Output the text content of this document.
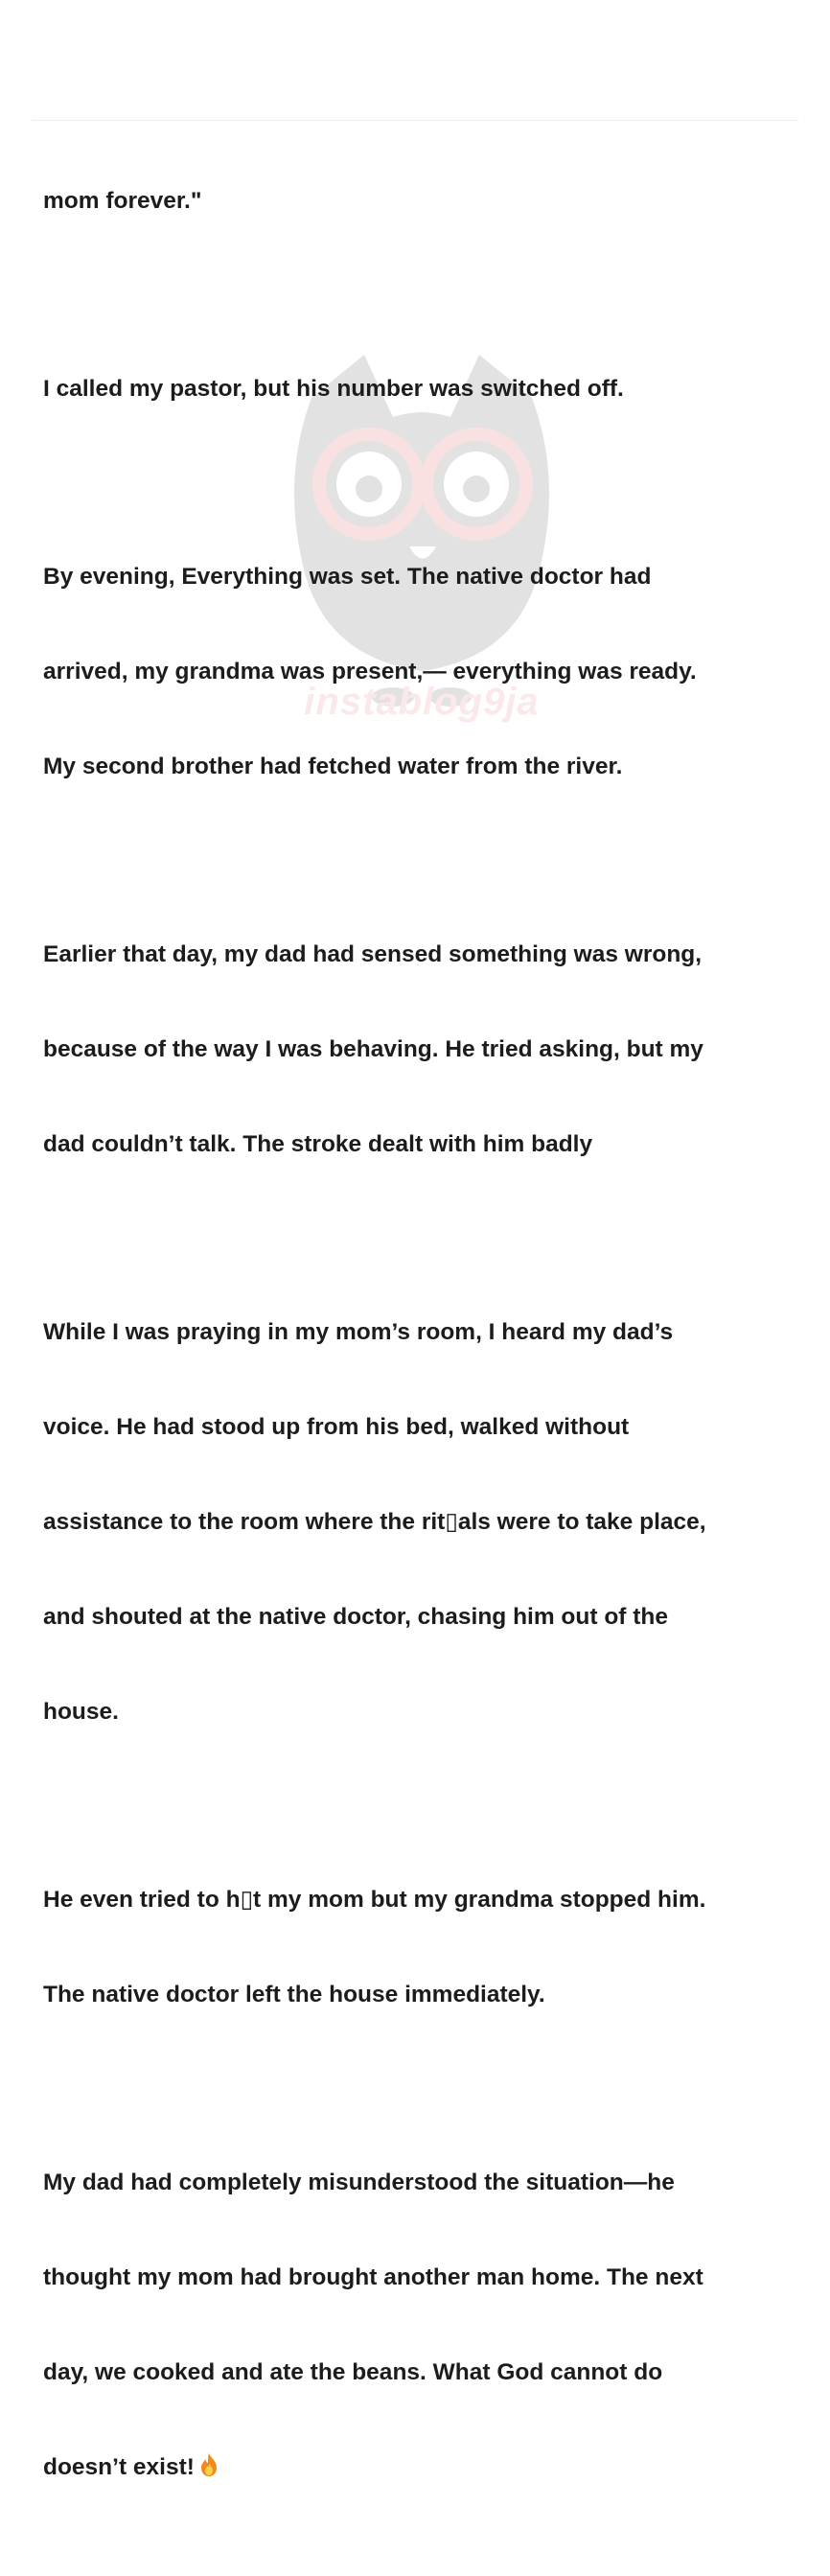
instablog9ja

mom forever."

I called my pastor, but his number was switched off.

By evening, Everything was set. The native doctor had

arrived, my grandma was present,— everything was ready.

My second brother had fetched water from the river.

Earlier that day, my dad had sensed something was wrong,

because of the way I was behaving. He tried asking, but my

dad couldn’t talk. The stroke dealt with him badly

While I was praying in my mom’s room, I heard my dad’s

voice. He had stood up from his bed, walked without

assistance to the room where the rit▯als were to take place,

and shouted at the native doctor, chasing him out of the

house.

He even tried to h▯t my mom but my grandma stopped him.

The native doctor left the house immediately.

My dad had completely misunderstood the situation—he

thought my mom had brought another man home. The next

day, we cooked and ate the beans. What God cannot do

doesn’t exist!
